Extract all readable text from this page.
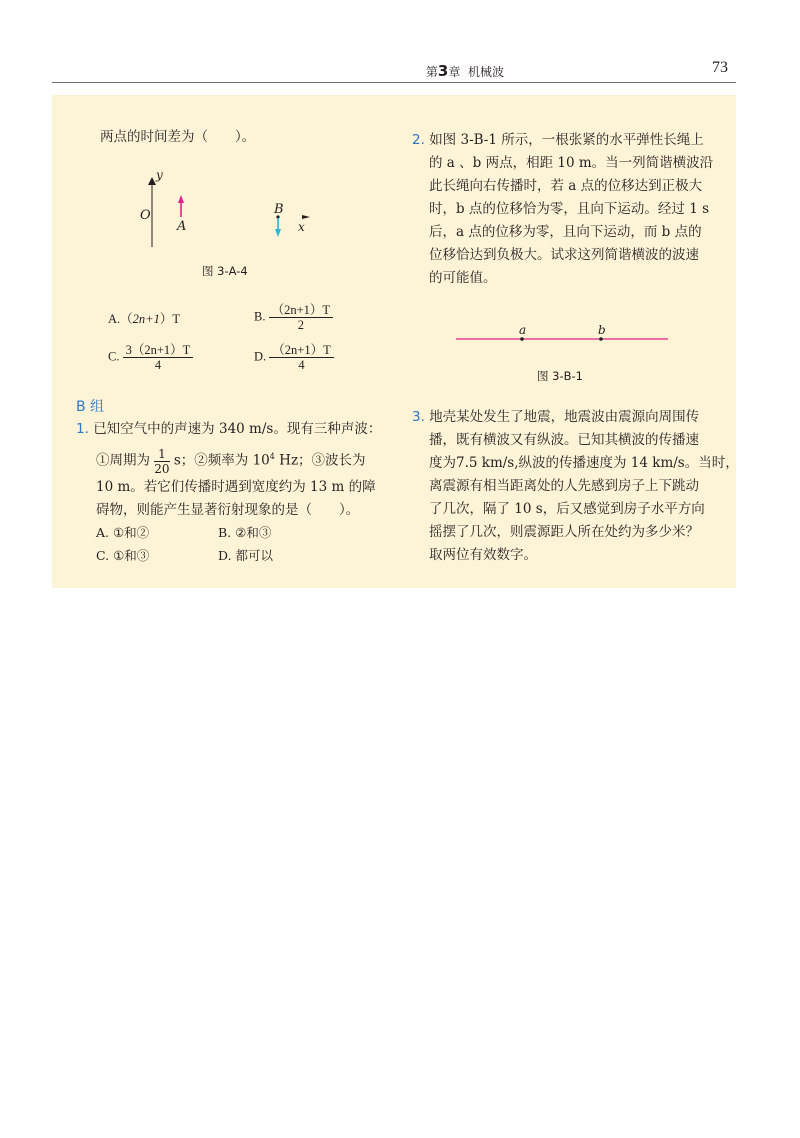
第3章 机械波	73
两点的时间差为（　　）。
y
O
A
B
x
图 3-A-4
A.（2n+1）T	B. $\frac{(2n+1)T}{2}$
C. $\frac{3(2n+1)T}{4}$	D. $\frac{(2n+1)T}{4}$
B 组
1. 已知空气中的声速为 340 m/s。现有三种声波：
①周期为 $\frac{1}{20}$ s；②频率为 $10^4$ Hz；③波长为
10 m。若它们传播时遇到宽度约为 13 m 的障
碍物，则能产生显著衍射现象的是（　　）。
A. ①和②	B. ②和③
C. ①和③	D. 都可以
2. 如图 3-B-1 所示，一根张紧的水平弹性长绳上
的 a 、b 两点，相距 10 m。当一列简谐横波沿
此长绳向右传播时，若 a 点的位移达到正极大
时，b 点的位移恰为零，且向下运动。经过 1 s
后，a 点的位移为零，且向下运动，而 b 点的
位移恰达到负极大。试求这列简谐横波的波速
的可能值。
a	b
图 3-B-1
3. 地壳某处发生了地震，地震波由震源向周围传
播，既有横波又有纵波。已知其横波的传播速
度为7.5 km/s,纵波的传播速度为 14 km/s。当时，
离震源有相当距离处的人先感到房子上下跳动
了几次，隔了 10 s，后又感觉到房子水平方向
摇摆了几次，则震源距人所在处约为多少米？
取两位有效数字。
